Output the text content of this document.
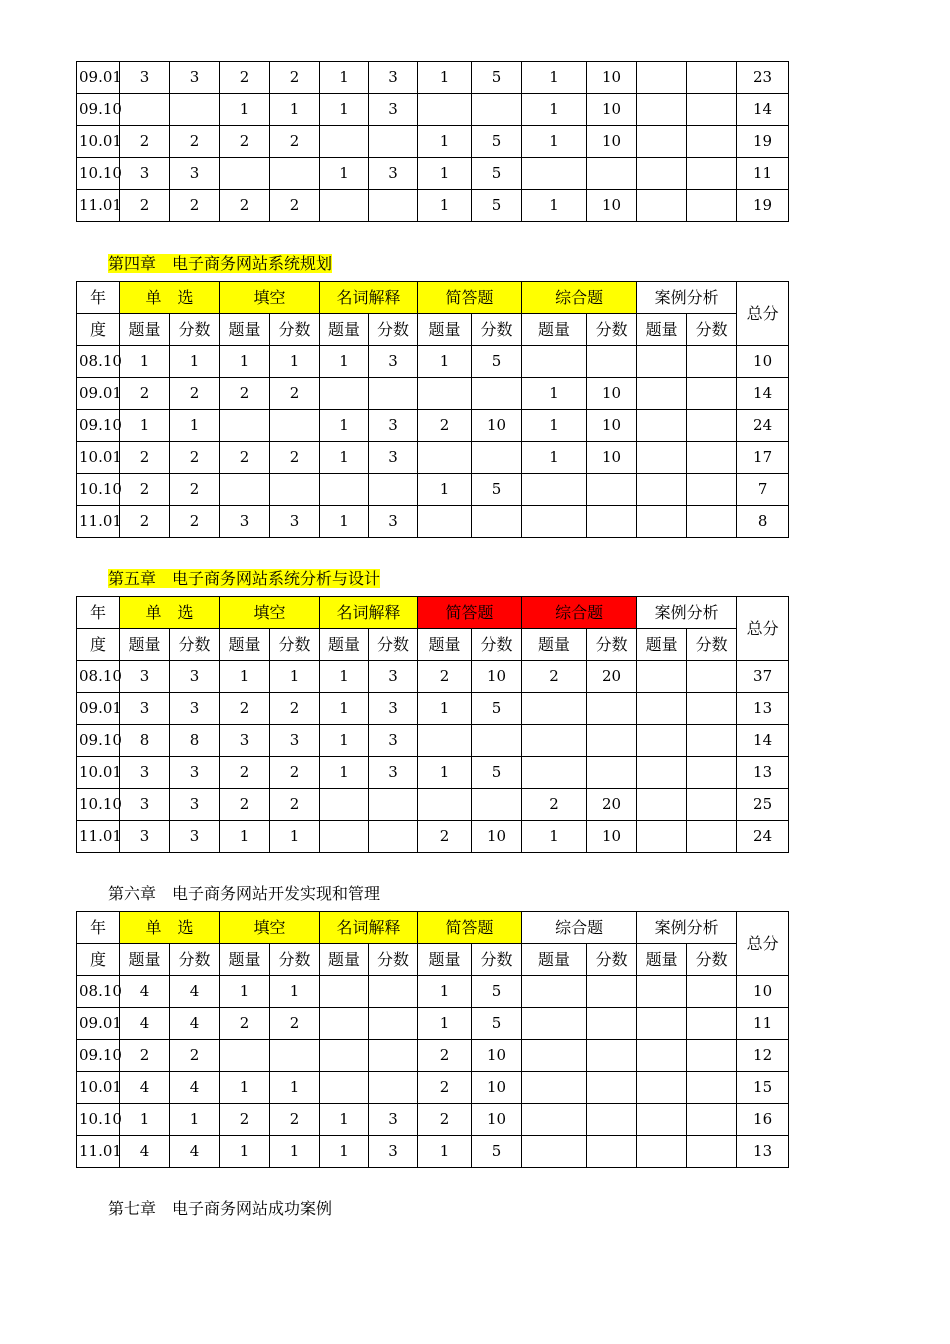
09.01	3	3	2	2	1	3	1	5	1	10			23
09.10			1	1	1	3			1	10			14
10.01	2	2	2	2			1	5	1	10			19
10.10	3	3			1	3	1	5					11
11.01	2	2	2	2			1	5	1	10			19
第四章　电子商务网站系统规划
年	单　选		填空		名词解释		简答题		综合题		案例分析		总分
度	题量	分数	题量	分数	题量	分数	题量	分数	题量	分数	题量	分数	
08.10	1	1	1	1	1	3	1	5					10
09.01	2	2	2	2					1	10			14
09.10	1	1			1	3	2	10	1	10			24
10.01	2	2	2	2	1	3			1	10			17
10.10	2	2					1	5					7
11.01	2	2	3	3	1	3							8
第五章　电子商务网站系统分析与设计
年	单　选		填空		名词解释		简答题		综合题		案例分析		总分
度	题量	分数	题量	分数	题量	分数	题量	分数	题量	分数	题量	分数	
08.10	3	3	1	1	1	3	2	10	2	20			37
09.01	3	3	2	2	1	3	1	5					13
09.10	8	8	3	3	1	3							14
10.01	3	3	2	2	1	3	1	5					13
10.10	3	3	2	2					2	20			25
11.01	3	3	1	1			2	10	1	10			24
第六章　电子商务网站开发实现和管理
年	单　选		填空		名词解释		简答题		综合题		案例分析		总分
度	题量	分数	题量	分数	题量	分数	题量	分数	题量	分数	题量	分数	
08.10	4	4	1	1			1	5					10
09.01	4	4	2	2			1	5					11
09.10	2	2					2	10					12
10.01	4	4	1	1			2	10					15
10.10	1	1	2	2	1	3	2	10					16
11.01	4	4	1	1	1	3	1	5					13
第七章　电子商务网站成功案例
